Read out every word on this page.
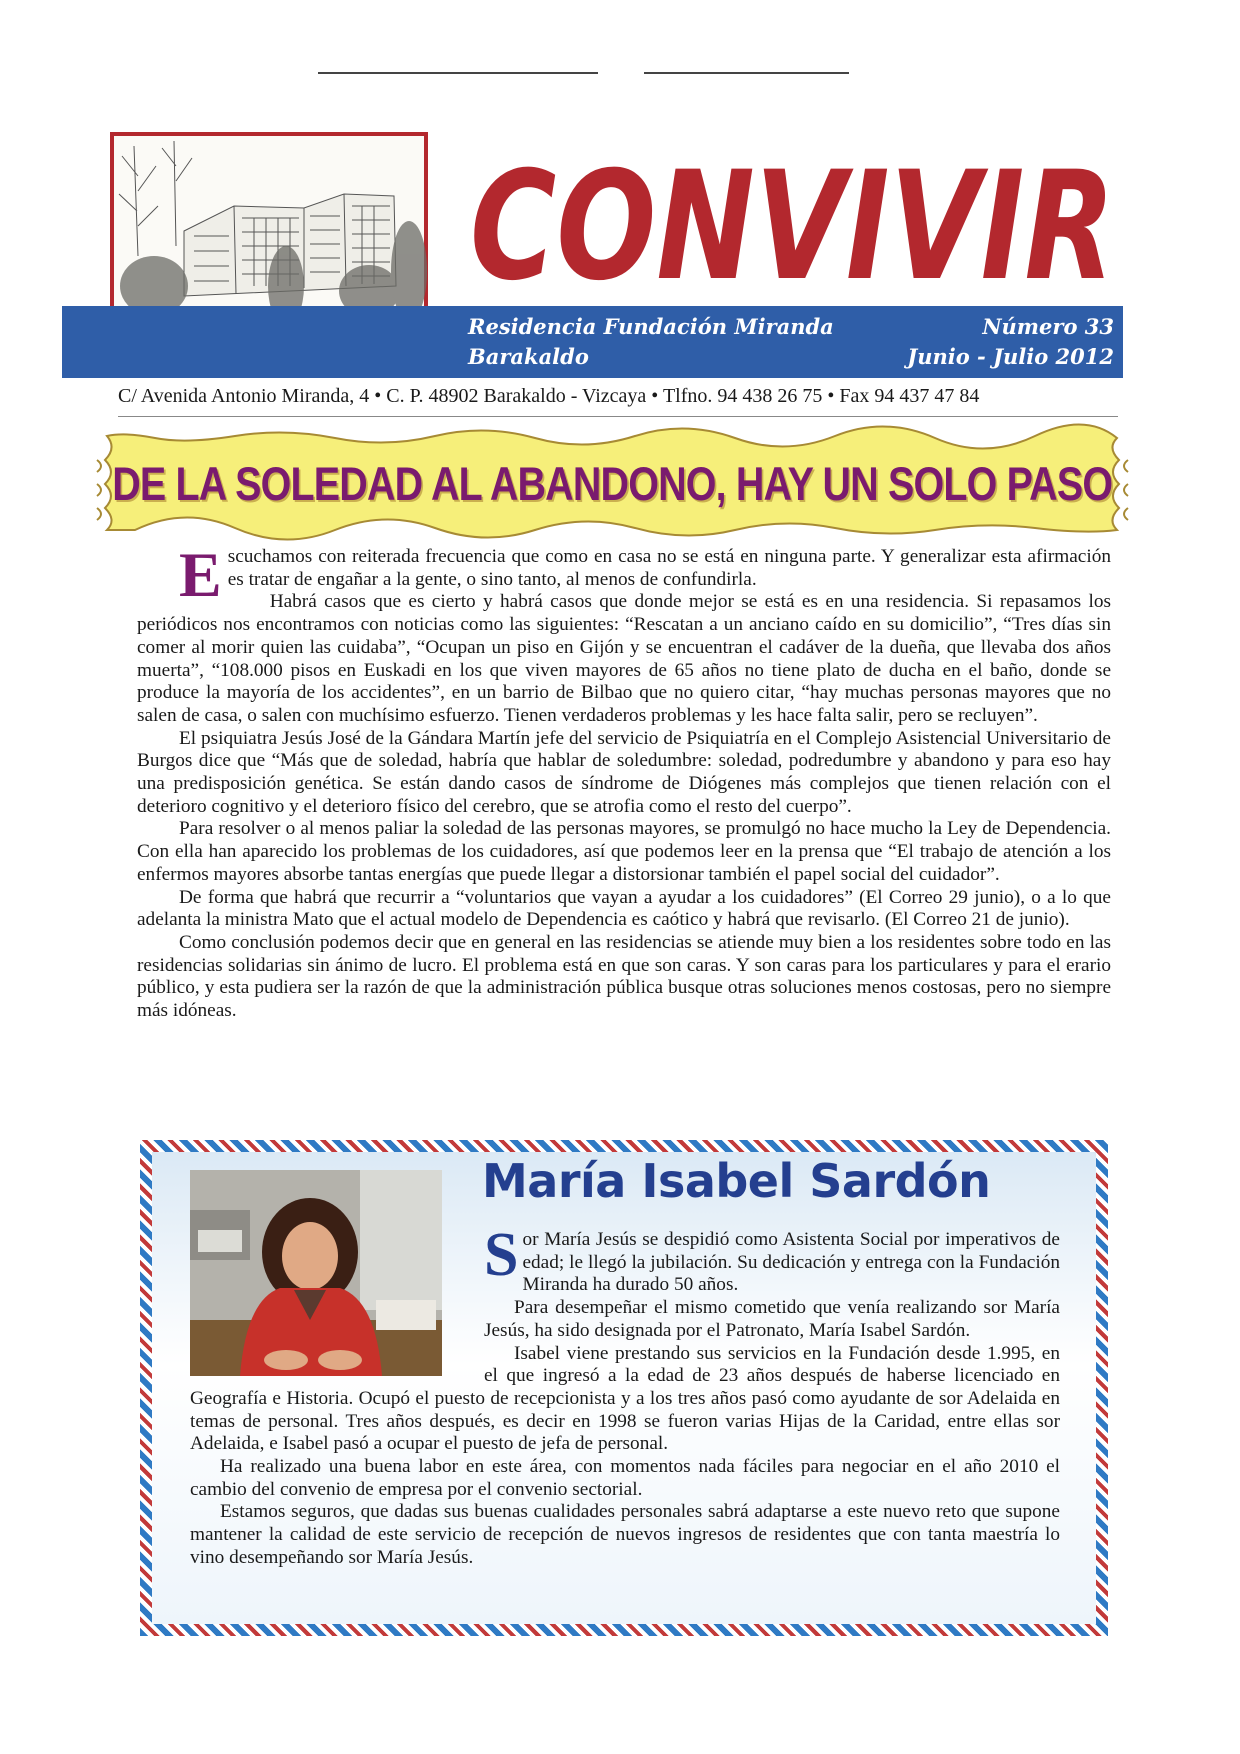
CONVIVIR
Residencia Fundación Miranda
Barakaldo
Número 33
Junio - Julio 2012
C/ Avenida Antonio Miranda, 4 • C. P. 48902 Barakaldo - Vizcaya • Tlfno. 94 438 26 75 • Fax 94 437 47 84
DE LA SOLEDAD AL ABANDONO, HAY UN SOLO PASO

Escuchamos con reiterada frecuencia que como en casa no se está en ninguna parte. Y generalizar esta afirmación es tratar de engañar a la gente, o sino tanto, al menos de confundirla.

Habrá casos que es cierto y habrá casos que donde mejor se está es en una residencia. Si repasamos los periódicos nos encontramos con noticias como las siguientes: “Rescatan a un anciano caído en su domicilio”, “Tres días sin comer al morir quien las cuidaba”, “Ocupan un piso en Gijón y se encuentran el cadáver de la dueña, que llevaba dos años muerta”, “108.000 pisos en Euskadi en los que viven mayores de 65 años no tiene plato de ducha en el baño, donde se produce la mayoría de los accidentes”, en un barrio de Bilbao que no quiero citar, “hay muchas personas mayores que no salen de casa, o salen con muchísimo esfuerzo. Tienen verdaderos problemas y les hace falta salir, pero se recluyen”.

El psiquiatra Jesús José de la Gándara Martín jefe del servicio de Psiquiatría en el Complejo Asistencial Universitario de Burgos dice que “Más que de soledad, habría que hablar de soledumbre: soledad, podredumbre y abandono y para eso hay una predisposición genética. Se están dando casos de síndrome de Diógenes más complejos que tienen relación con el deterioro cognitivo y el deterioro físico del cerebro, que se atrofia como el resto del cuerpo”.

Para resolver o al menos paliar la soledad de las personas mayores, se promulgó no hace mucho la Ley de Dependencia. Con ella han aparecido los problemas de los cuidadores, así que podemos leer en la prensa que “El trabajo de atención a los enfermos mayores absorbe tantas energías que puede llegar a distorsionar también el papel social del cuidador”.

De forma que habrá que recurrir a “voluntarios que vayan a ayudar a los cuidadores” (El Correo 29 junio), o a lo que adelanta la ministra Mato que el actual modelo de Dependencia es caótico y habrá que revisarlo. (El Correo 21 de junio).

Como conclusión podemos decir que en general en las residencias se atiende muy bien a los residentes sobre todo en las residencias solidarias sin ánimo de lucro. El problema está en que son caras. Y son caras para los particulares y para el erario público, y esta pudiera ser la razón de que la administración pública busque otras soluciones menos costosas, pero no siempre más idóneas.

María Isabel Sardón

Sor María Jesús se despidió como Asistenta Social por imperativos de edad; le llegó la jubilación. Su dedicación y entrega con la Fundación Miranda ha durado 50 años.

Para desempeñar el mismo cometido que venía realizando sor María Jesús, ha sido designada por el Patronato, María Isabel Sardón.

Isabel viene prestando sus servicios en la Fundación desde 1.995, en el que ingresó a la edad de 23 años después de haberse licenciado en Geografía e Historia. Ocupó el puesto de recepcionista y a los tres años pasó como ayudante de sor Adelaida en temas de personal. Tres años después, es decir en 1998 se fueron varias Hijas de la Caridad, entre ellas sor Adelaida, e Isabel pasó a ocupar el puesto de jefa de personal.

Ha realizado una buena labor en este área, con momentos nada fáciles para negociar en el año 2010 el cambio del convenio de empresa por el convenio sectorial.

Estamos seguros, que dadas sus buenas cualidades personales sabrá adaptarse a este nuevo reto que supone mantener la calidad de este servicio de recepción de nuevos ingresos de residentes que con tanta maestría lo vino desempeñando sor María Jesús.
